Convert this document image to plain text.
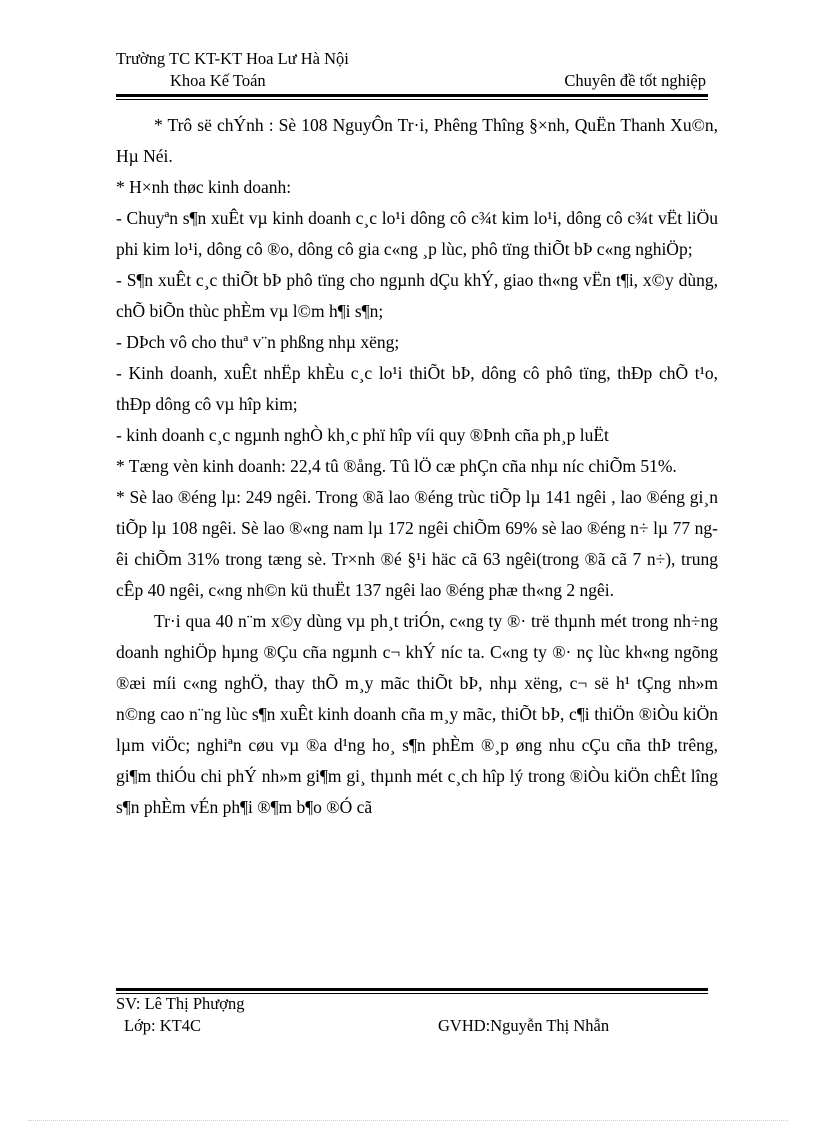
Trường TC KT-KT Hoa Lư Hà Nội
Khoa Kế Toán	Chuyên đề tốt nghiệp

* Trô së chÝnh : Sè 108 NguyÔn Tr·i, Phêng Thîng §×nh, QuËn Thanh Xu©n, Hµ Néi.

* H×nh thøc kinh doanh:

- Chuyªn s¶n xuÊt vµ kinh doanh c¸c lo¹i dông cô c¾t kim lo¹i, dông cô c¾t vËt liÖu phi kim lo¹i, dông cô ®o, dông cô gia c«ng ¸p lùc, phô tïng thiÕt bÞ c«ng nghiÖp;

- S¶n xuÊt c¸c thiÕt bÞ phô tïng cho ngµnh dÇu khÝ, giao th«ng vËn t¶i, x©y dùng, chÕ biÕn thùc phÈm vµ l©m h¶i s¶n;

- DÞch vô cho thuª v¨n phßng nhµ xëng;

- Kinh doanh, xuÊt nhËp khÈu c¸c lo¹i thiÕt bÞ, dông cô phô tïng, thÐp chÕ t¹o, thÐp dông cô vµ hîp kim;

- kinh doanh c¸c ngµnh nghÒ kh¸c phï hîp víi quy ®Þnh cña ph¸p luËt

* Tæng vèn kinh doanh: 22,4 tû ®ång. Tû lÖ cæ phÇn cña nhµ níc chiÕm 51%.

* Sè lao ®éng lµ: 249 ngêi. Trong ®ã lao ®éng trùc tiÕp lµ 141 ngêi , lao ®éng gi¸n tiÕp lµ 108 ngêi. Sè lao ®«ng nam lµ 172 ngêi chiÕm 69% sè lao ®éng n÷ lµ 77 ngêi chiÕm 31% trong tæng sè. Tr×nh ®é §¹i häc cã 63 ngêi(trong ®ã cã 7 n÷), trung cÊp 40 ngêi, c«ng nh©n kü thuËt 137 ngêi lao ®éng phæ th«ng 2 ngêi.

Tr·i qua 40 n¨m x©y dùng vµ ph¸t triÓn, c«ng ty ®· trë thµnh mét trong nh÷ng doanh nghiÖp hµng ®Çu cña ngµnh c¬ khÝ níc ta. C«ng ty ®· nç lùc kh«ng ngõng ®æi míi c«ng nghÖ, thay thÕ m¸y mãc thiÕt bÞ, nhµ xëng, c¬ së h¹ tÇng nh»m n©ng cao n¨ng lùc s¶n xuÊt kinh doanh cña m¸y mãc, thiÕt bÞ, c¶i thiÖn ®iÒu kiÖn lµm viÖc; nghiªn cøu vµ ®a d¹ng ho¸ s¶n phÈm ®¸p øng nhu cÇu cña thÞ trêng, gi¶m thiÓu chi phÝ nh»m gi¶m gi¸ thµnh mét c¸ch hîp lý trong ®iÒu kiÖn chÊt lîng s¶n phÈm vÉn ph¶i ®¶m b¶o ®Ó cã

SV: Lê Thị Phượng
Lớp: KT4C	GVHD:Nguyễn Thị Nhẫn
